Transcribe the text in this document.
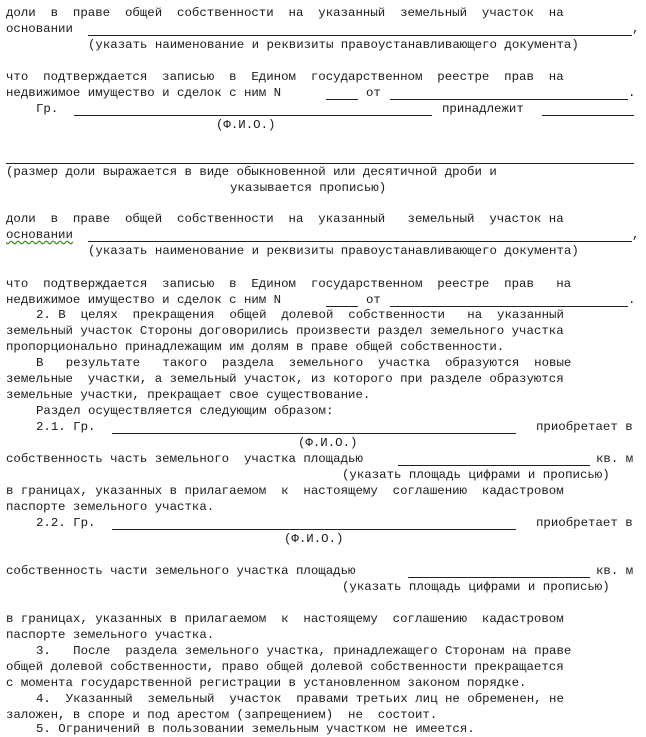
доли  в  праве  общей  собственности  на  указанный  земельный  участок  на
основании	,
(указать наименование и реквизиты правоустанавливающего документа)
что  подтверждается  записью  в  Едином  государственном  реестре  прав  на
недвижимое имущество и сделок с ним N	от	.
Гр.	принадлежит
(Ф.И.О.)
(размер доли выражается в виде обыкновенной или десятичной дроби и
указывается прописью)
доли  в  праве  общей  собственности  на  указанный   земельный  участок на
основании	,
(указать наименование и реквизиты правоустанавливающего документа)
что  подтверждается  записью  в  Едином  государственном  реестре  прав   на
недвижимое имущество и сделок с ним N	от	.
2. В  целях  прекращения  общей  долевой  собственности   на  указанный
земельный участок Стороны договорились произвести раздел земельного участка
пропорционально принадлежащим им долям в праве общей собственности.
В   результате   такого  раздела  земельного  участка  образуются  новые
земельные  участки, а земельный участок, из которого при разделе образуются
земельные участки, прекращает свое существование.
Раздел осуществляется следующим образом:
2.1. Гр.	приобретает в
(Ф.И.О.)
собственность часть земельного  участка площадью	кв. м
(указать площадь цифрами и прописью)
в границах, указанных в прилагаемом  к  настоящему  соглашению  кадастровом
паспорте земельного участка.
2.2. Гр.	приобретает в
(Ф.И.О.)
собственность части земельного участка площадью	кв. м
(указать площадь цифрами и прописью)
в границах, указанных в прилагаемом  к  настоящему  соглашению  кадастровом
паспорте земельного участка.
3.   После  раздела земельного участка, принадлежащего Сторонам на праве
общей долевой собственности, право общей долевой собственности прекращается
с момента государственной регистрации в установленном законом порядке.
4.  Указанный  земельный  участок  правами третьих лиц не обременен, не
заложен, в споре и под арестом (запрещением)  не  состоит.
5. Ограничений в пользовании земельным участком не имеется.
